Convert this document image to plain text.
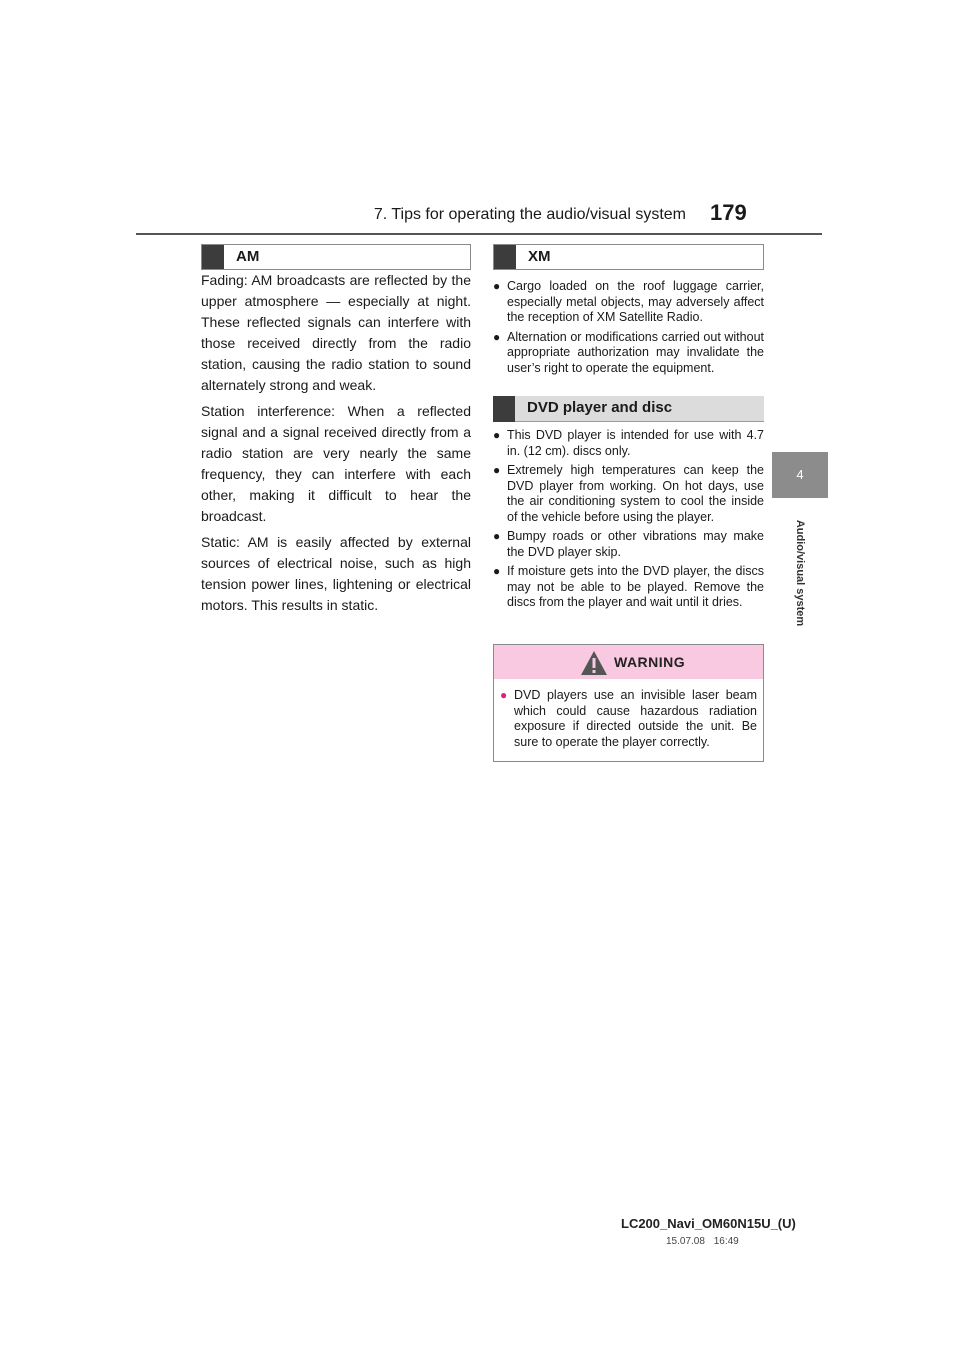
7. Tips for operating the audio/visual system 179
4
Audio/visual system
AM

Fading: AM broadcasts are reflected by the upper atmosphere — especially at night. These reflected signals can interfere with those received directly from the radio station, causing the radio station to sound alternately strong and weak.

Station interference: When a reflected signal and a signal received directly from a radio station are very nearly the same frequency, they can interfere with each other, making it difficult to hear the broadcast.

Static: AM is easily affected by external sources of electrical noise, such as high tension power lines, lightening or electrical motors. This results in static.

XM
● Cargo loaded on the roof luggage carrier, especially metal objects, may adversely affect the reception of XM Satellite Radio.
● Alternation or modifications carried out without appropriate authorization may invalidate the user’s right to operate the equipment.
DVD player and disc
● This DVD player is intended for use with 4.7 in. (12 cm). discs only.
● Extremely high temperatures can keep the DVD player from working. On hot days, use the air conditioning system to cool the inside of the vehicle before using the player.
● Bumpy roads or other vibrations may make the DVD player skip.
● If moisture gets into the DVD player, the discs may not be able to be played. Remove the discs from the player and wait until it dries.
WARNING
● DVD players use an invisible laser beam which could cause hazardous radiation exposure if directed outside the unit. Be sure to operate the player correctly.
LC200_Navi_OM60N15U_(U)
15.07.08 16:49
